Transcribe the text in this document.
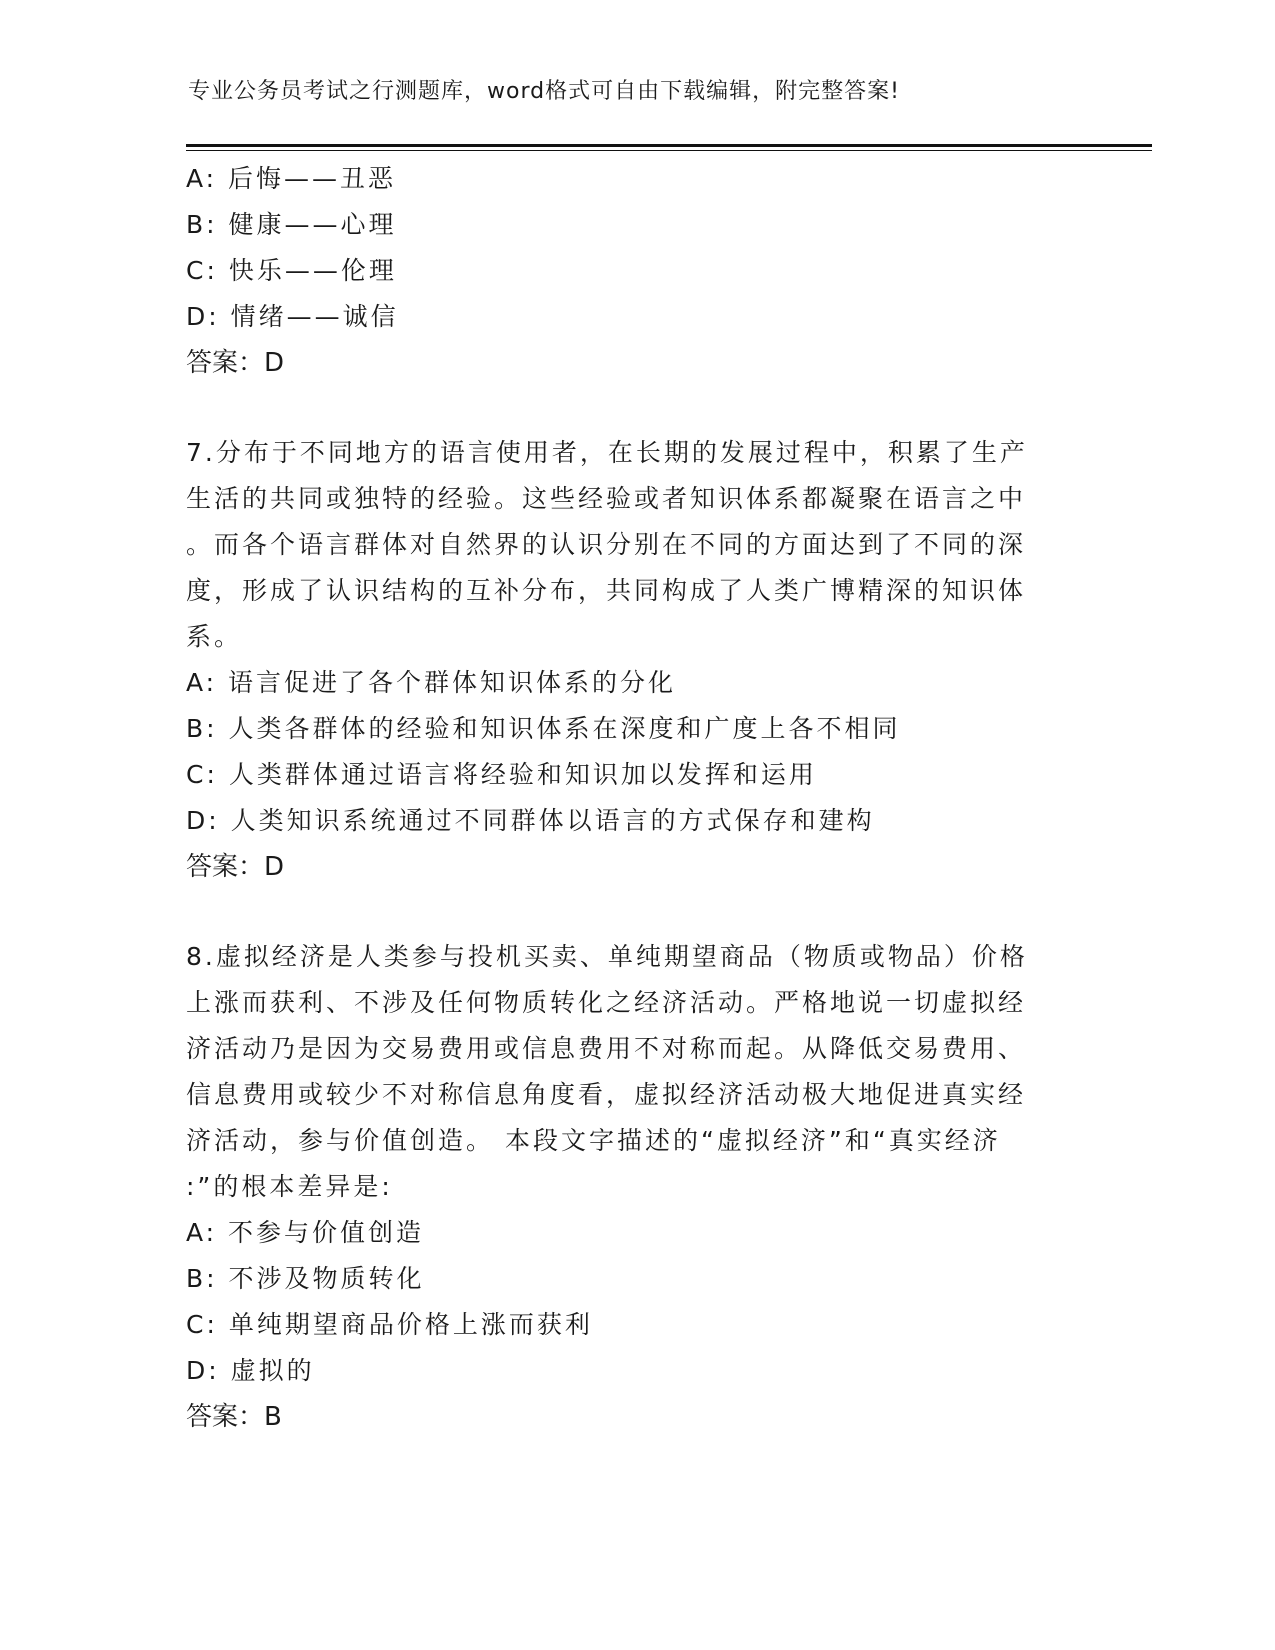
专业公务员考试之行测题库，word格式可自由下载编辑，附完整答案!
A: 后悔——丑恶
B: 健康——心理
C: 快乐——伦理
D: 情绪——诚信
答案：D
7.分布于不同地方的语言使用者，在长期的发展过程中，积累了生产
生活的共同或独特的经验。这些经验或者知识体系都凝聚在语言之中
。而各个语言群体对自然界的认识分别在不同的方面达到了不同的深
度，形成了认识结构的互补分布，共同构成了人类广博精深的知识体
系。
A: 语言促进了各个群体知识体系的分化
B: 人类各群体的经验和知识体系在深度和广度上各不相同
C: 人类群体通过语言将经验和知识加以发挥和运用
D: 人类知识系统通过不同群体以语言的方式保存和建构
答案：D
8.虚拟经济是人类参与投机买卖、单纯期望商品（物质或物品）价格
上涨而获利、不涉及任何物质转化之经济活动。严格地说一切虚拟经
济活动乃是因为交易费用或信息费用不对称而起。从降低交易费用、
信息费用或较少不对称信息角度看，虚拟经济活动极大地促进真实经
济活动，参与价值创造。 本段文字描述的“虚拟经济”和“真实经济
:”的根本差异是:
A: 不参与价值创造
B: 不涉及物质转化
C: 单纯期望商品价格上涨而获利
D: 虚拟的
答案：B
